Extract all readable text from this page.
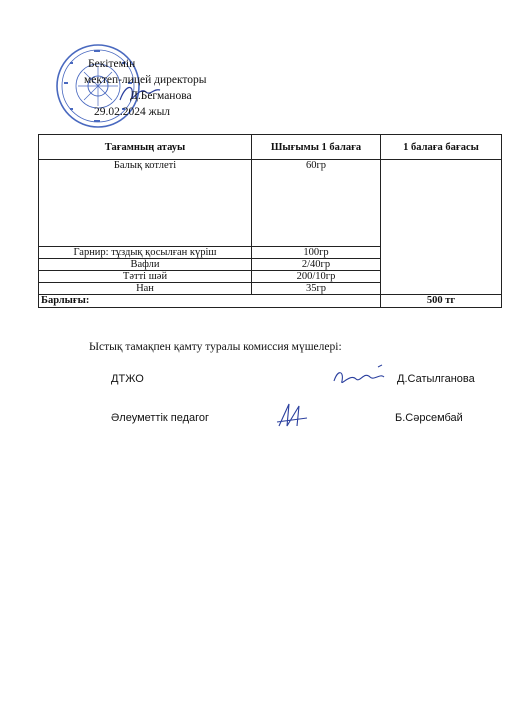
Бекітемін
мектеп-лицей директоры
Д.Бегманова
29.02.2024 жыл
Тағамның атауы	Шығымы 1 балаға	1 балаға бағасы
Балық котлеті	60гр	
Гарнир: тұздық қосылған күріш	100гр	
Вафли	2/40гр	
Тәтті шәй	200/10гр	
Нан	35гр	
Барлығы:		500 тг
Ыстық тамақпен қамту туралы комиссия мүшелері:
ДТЖО	Д.Сатылганова
Әлеуметтік педагог	Б.Сәрсембай
